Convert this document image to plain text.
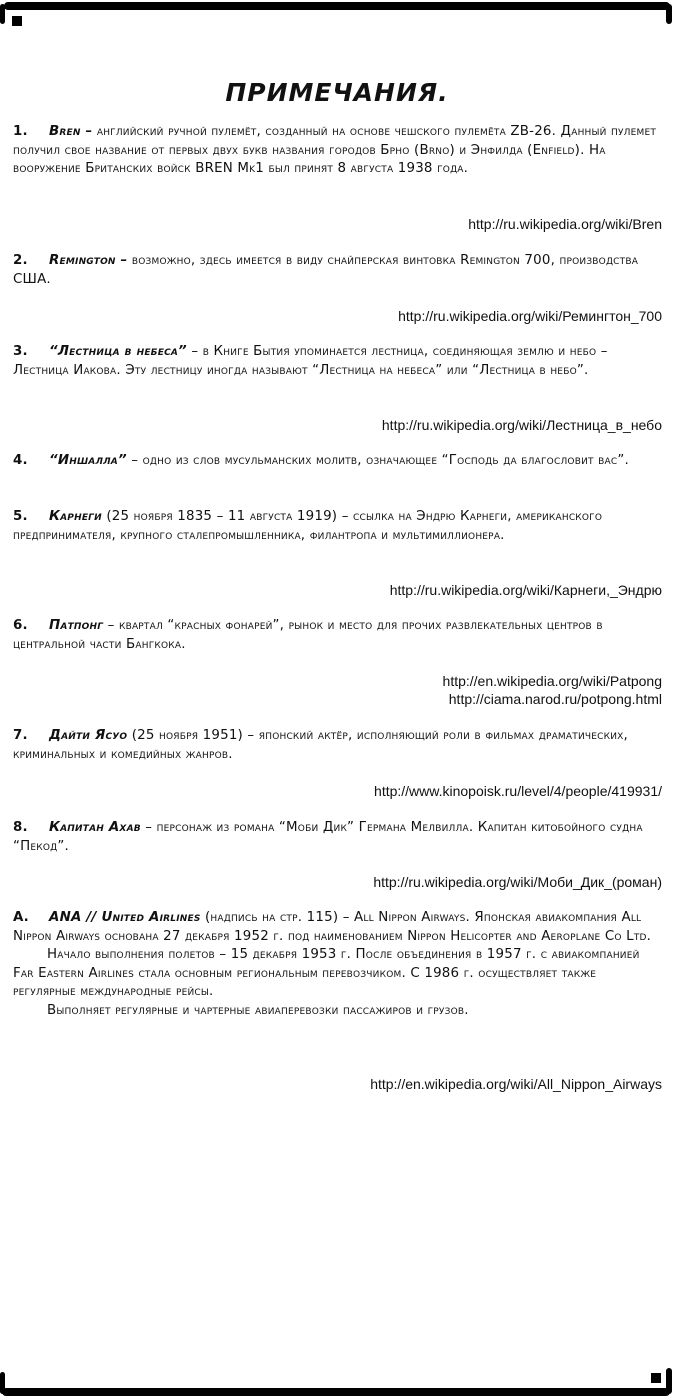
ПРИМЕЧАНИЯ.
1. Bren – английский ручной пулемёт, созданный на основе чешского пулемёта ZB-26. Данный пулемет получил свое название от первых двух букв названия городов Брно (Brno) и Энфилда (Enfield). На вооружение Британских войск BREN Mk1 был принят 8 августа 1938 года.
http://ru.wikipedia.org/wiki/Bren
2. Remington – возможно, здесь имеется в виду снайперская винтовка Remington 700, производства США.
http://ru.wikipedia.org/wiki/Ремингтон_700
3. “Лестница в небеса” – в Книге Бытия упоминается лестница, соединяющая землю и небо – Лестница Иакова. Эту лестницу иногда называют “Лестница на небеса” или “Лестница в небо”.
http://ru.wikipedia.org/wiki/Лестница_в_небо
4. “Иншалла” – одно из слов мусульманских молитв, означающее “Господь да благословит вас”.
5. Карнеги (25 ноября 1835 – 11 августа 1919) – ссылка на Эндрю Карнеги, американского предпринимателя, крупного сталепромышленника, филантропа и мультимиллионера.
http://ru.wikipedia.org/wiki/Карнеги,_Эндрю
6. Патпонг – квартал “красных фонарей”, рынок и место для прочих развлекательных центров в центральной части Бангкока.
http://en.wikipedia.org/wiki/Patpong
http://ciama.narod.ru/potpong.html
7. Дайти Ясуо (25 ноября 1951) – японский актёр, исполняющий роли в фильмах драматических, криминальных и комедийных жанров.
http://www.kinopoisk.ru/level/4/people/419931/
8. Капитан Ахав – персонаж из романа “Моби Дик” Германа Мелвилла. Капитан китобойного судна “Пекод”.
http://ru.wikipedia.org/wiki/Моби_Дик_(роман)
А. ANA // United Airlines (надпись на стр. 115) – All Nippon Airways. Японская авиакомпания All Nippon Airways основана 27 декабря 1952 г. под наименованием Nippon Helicopter and Aeroplane Co Ltd.
Начало выполнения полетов – 15 декабря 1953 г. После объединения в 1957 г. с авиакомпанией Far Eastern Airlines стала основным региональным перевозчиком. С 1986 г. осуществляет также регулярные международные рейсы.
Выполняет регулярные и чартерные авиаперевозки пассажиров и грузов.
http://en.wikipedia.org/wiki/All_Nippon_Airways
